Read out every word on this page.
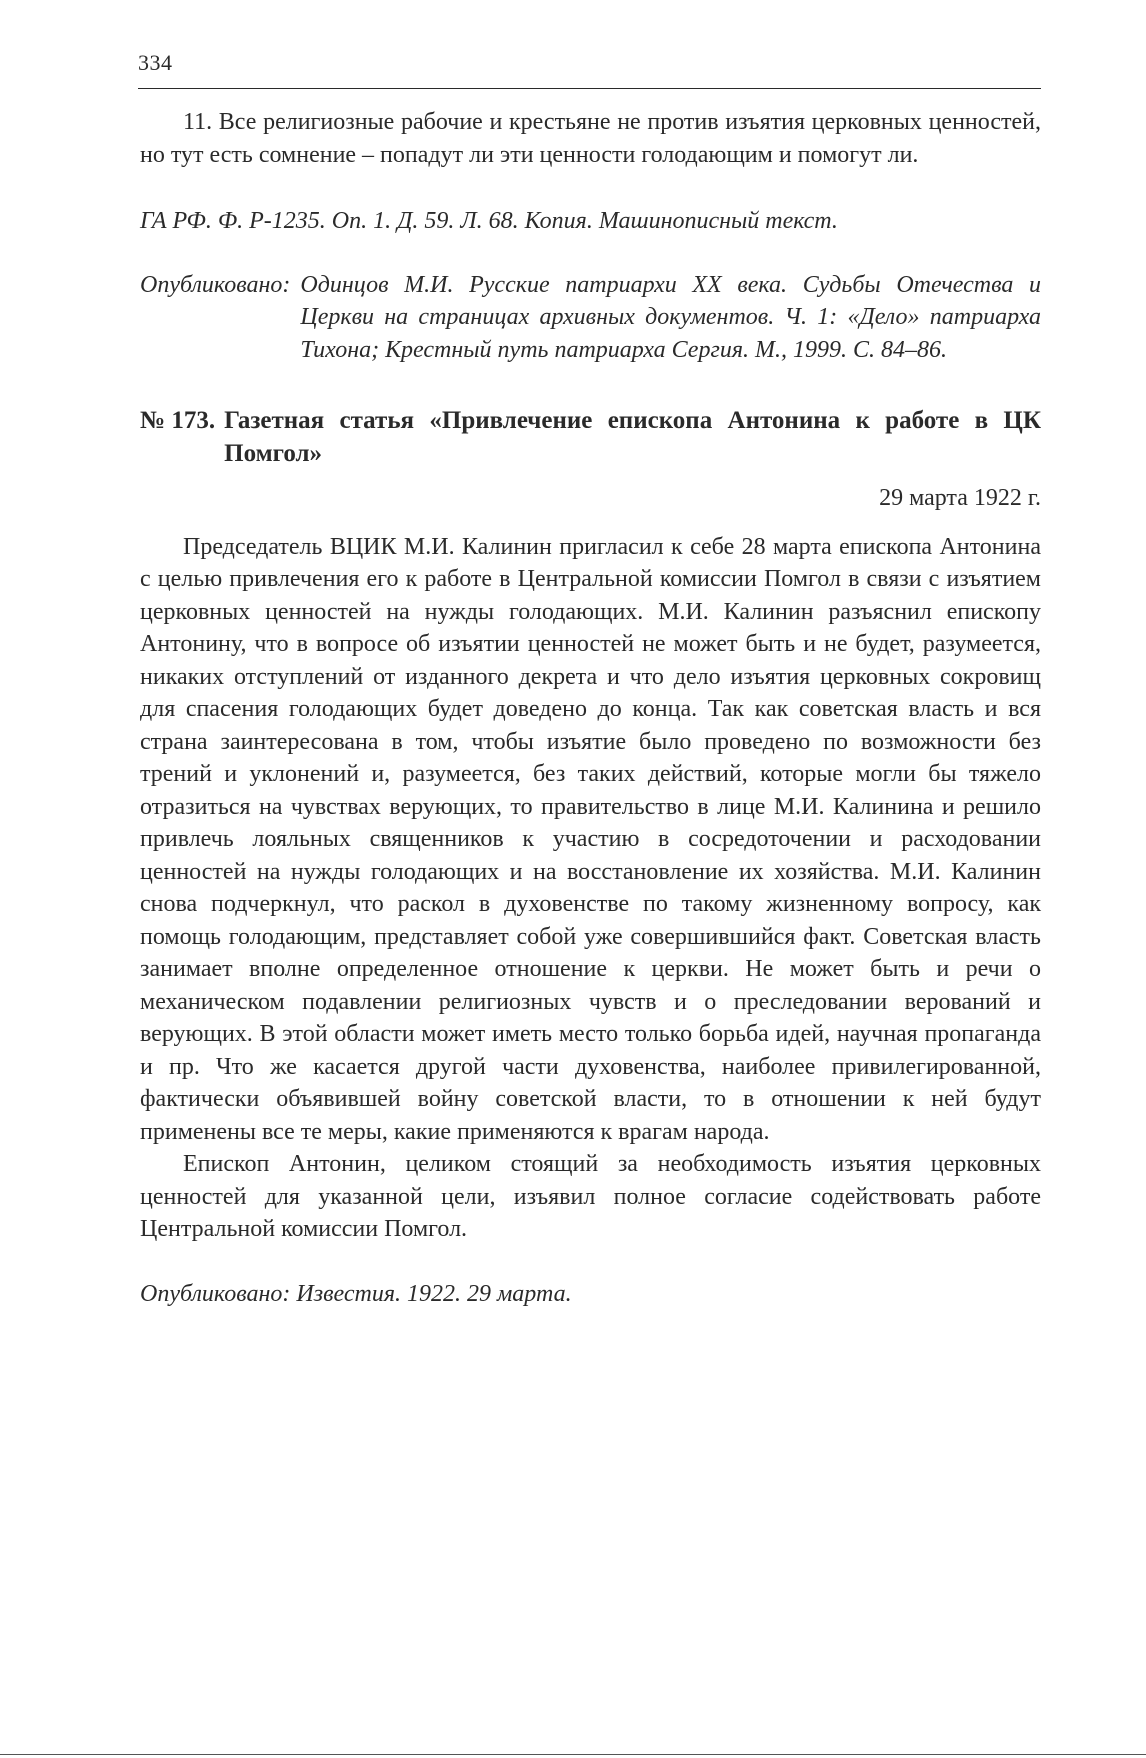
334

11. Все религиозные рабочие и крестьяне не против изъятия церковных ценностей, но тут есть сомнение – попадут ли эти ценности голодающим и помогут ли.

ГА РФ. Ф. Р-1235. Оп. 1. Д. 59. Л. 68. Копия. Машинописный текст.

Опубликовано: Одинцов М.И. Русские патриархи XX века. Судьбы Отечества и Церкви на страницах архивных документов. Ч. 1: «Дело» патриарха Тихона; Крестный путь патриарха Сергия. М., 1999. С. 84–86.
№ 173. Газетная статья «Привлечение епископа Антонина к работе в ЦК Помгол»
29 марта 1922 г.

Председатель ВЦИК М.И. Калинин пригласил к себе 28 марта епископа Антонина с целью привлечения его к работе в Центральной комиссии Помгол в связи с изъятием церковных ценностей на нужды голодающих. М.И. Калинин разъяснил епископу Антонину, что в вопросе об изъятии ценностей не может быть и не будет, разумеется, никаких отступлений от изданного декрета и что дело изъятия церковных сокровищ для спасения голодающих будет доведено до конца. Так как советская власть и вся страна заинтересована в том, чтобы изъятие было проведено по возможности без трений и уклонений и, разумеется, без таких действий, которые могли бы тяжело отразиться на чувствах верующих, то правительство в лице М.И. Калинина и решило привлечь лояльных священников к участию в сосредоточении и расходовании ценностей на нужды голодающих и на восстановление их хозяйства. М.И. Калинин снова подчеркнул, что раскол в духовенстве по такому жизненному вопросу, как помощь голодающим, представляет собой уже совершившийся факт. Советская власть занимает вполне определенное отношение к церкви. Не может быть и речи о механическом подавлении религиозных чувств и о преследовании верований и верующих. В этой области может иметь место только борьба идей, научная пропаганда и пр. Что же касается другой части духовенства, наиболее привилегированной, фактически объявившей войну советской власти, то в отношении к ней будут применены все те меры, какие применяются к врагам народа.

Епископ Антонин, целиком стоящий за необходимость изъятия церковных ценностей для указанной цели, изъявил полное согласие содействовать работе Центральной комиссии Помгол.

Опубликовано: Известия. 1922. 29 марта.
